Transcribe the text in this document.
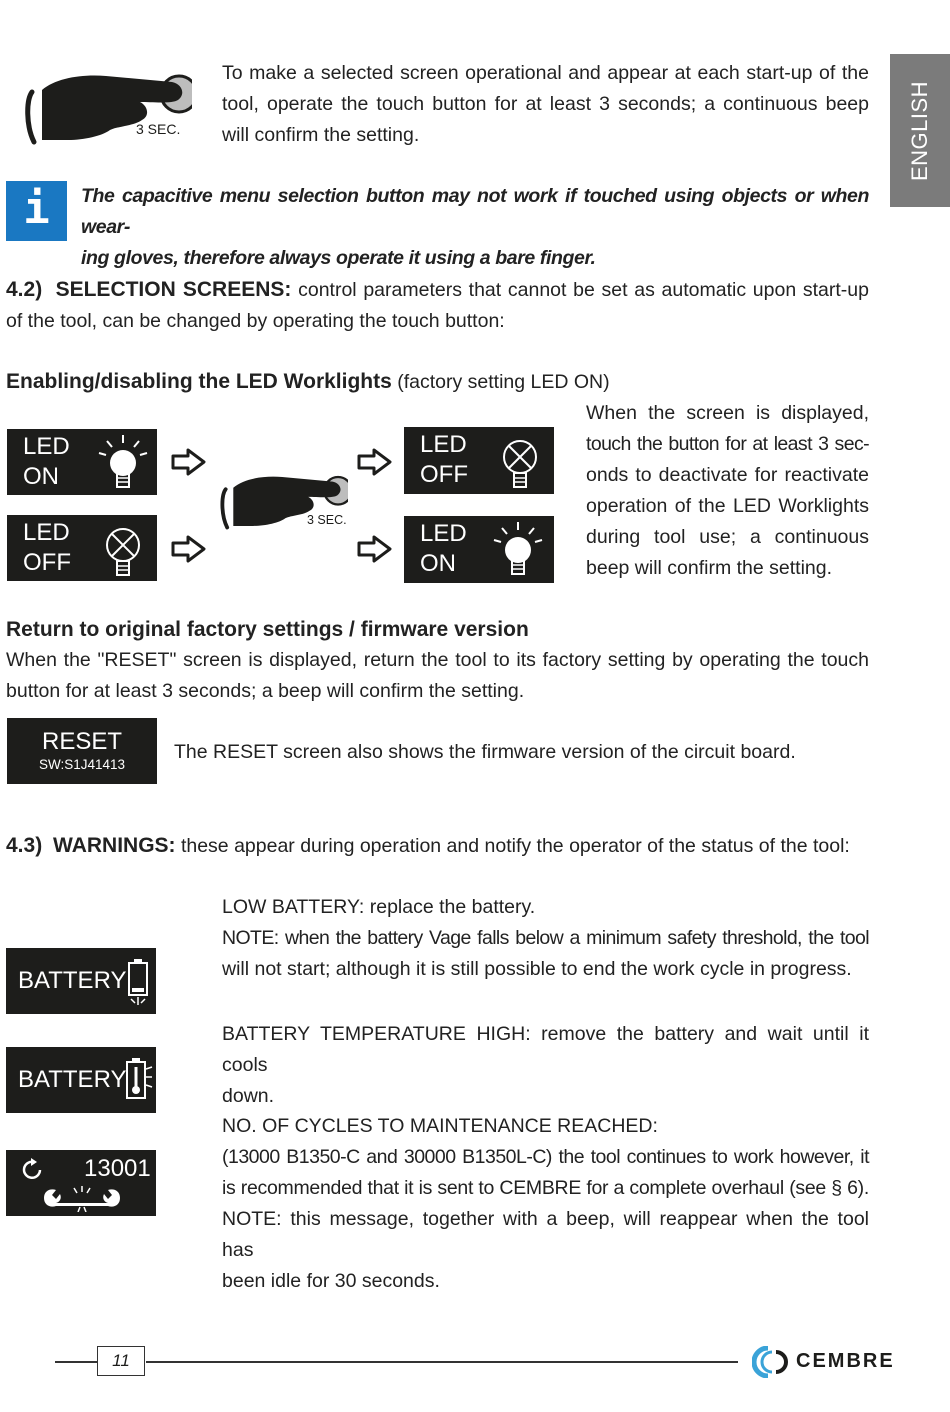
ENGLISH
3 SEC.
To make a selected screen operational and appear at each start-up of the
tool, operate the touch button for at least 3 seconds; a continuous beep
will confirm the setting.
i	The capacitive menu selection button may not work if touched using objects or when wear-
ing gloves, therefore always operate it using a bare finger.
4.2) SELECTION SCREENS: control parameters that cannot be set as automatic upon start-up
of the tool, can be changed by operating the touch button:
Enabling/disabling the LED Worklights (factory setting LED ON)
LED
ON
LED
OFF
3 SEC.
LED
OFF
LED
ON
When the screen is displayed,
touch the button for at least 3 sec-
onds to deactivate for reactivate
operation of the LED Worklights
during tool use; a continuous
beep will confirm the setting.
Return to original factory settings / firmware version
When the "RESET" screen is displayed, return the tool to its factory setting by operating the touch
button for at least 3 seconds; a beep will confirm the setting.
RESET
SW:S1J41413
The RESET screen also shows the firmware version of the circuit board.
4.3) WARNINGS: these appear during operation and notify the operator of the status of the tool:
BATTERY
BATTERY
13001
LOW BATTERY: replace the battery.
NOTE: when the battery Vage falls below a minimum safety threshold, the tool
will not start; although it is still possible to end the work cycle in progress.
BATTERY TEMPERATURE HIGH: remove the battery and wait until it cools
down.
NO. OF CYCLES TO MAINTENANCE REACHED:
(13000 B1350-C and 30000 B1350L-C) the tool continues to work however, it
is recommended that it is sent to CEMBRE for a complete overhaul (see § 6).
NOTE: this message, together with a beep, will reappear when the tool has
been idle for 30 seconds.
11	CEMBRE
